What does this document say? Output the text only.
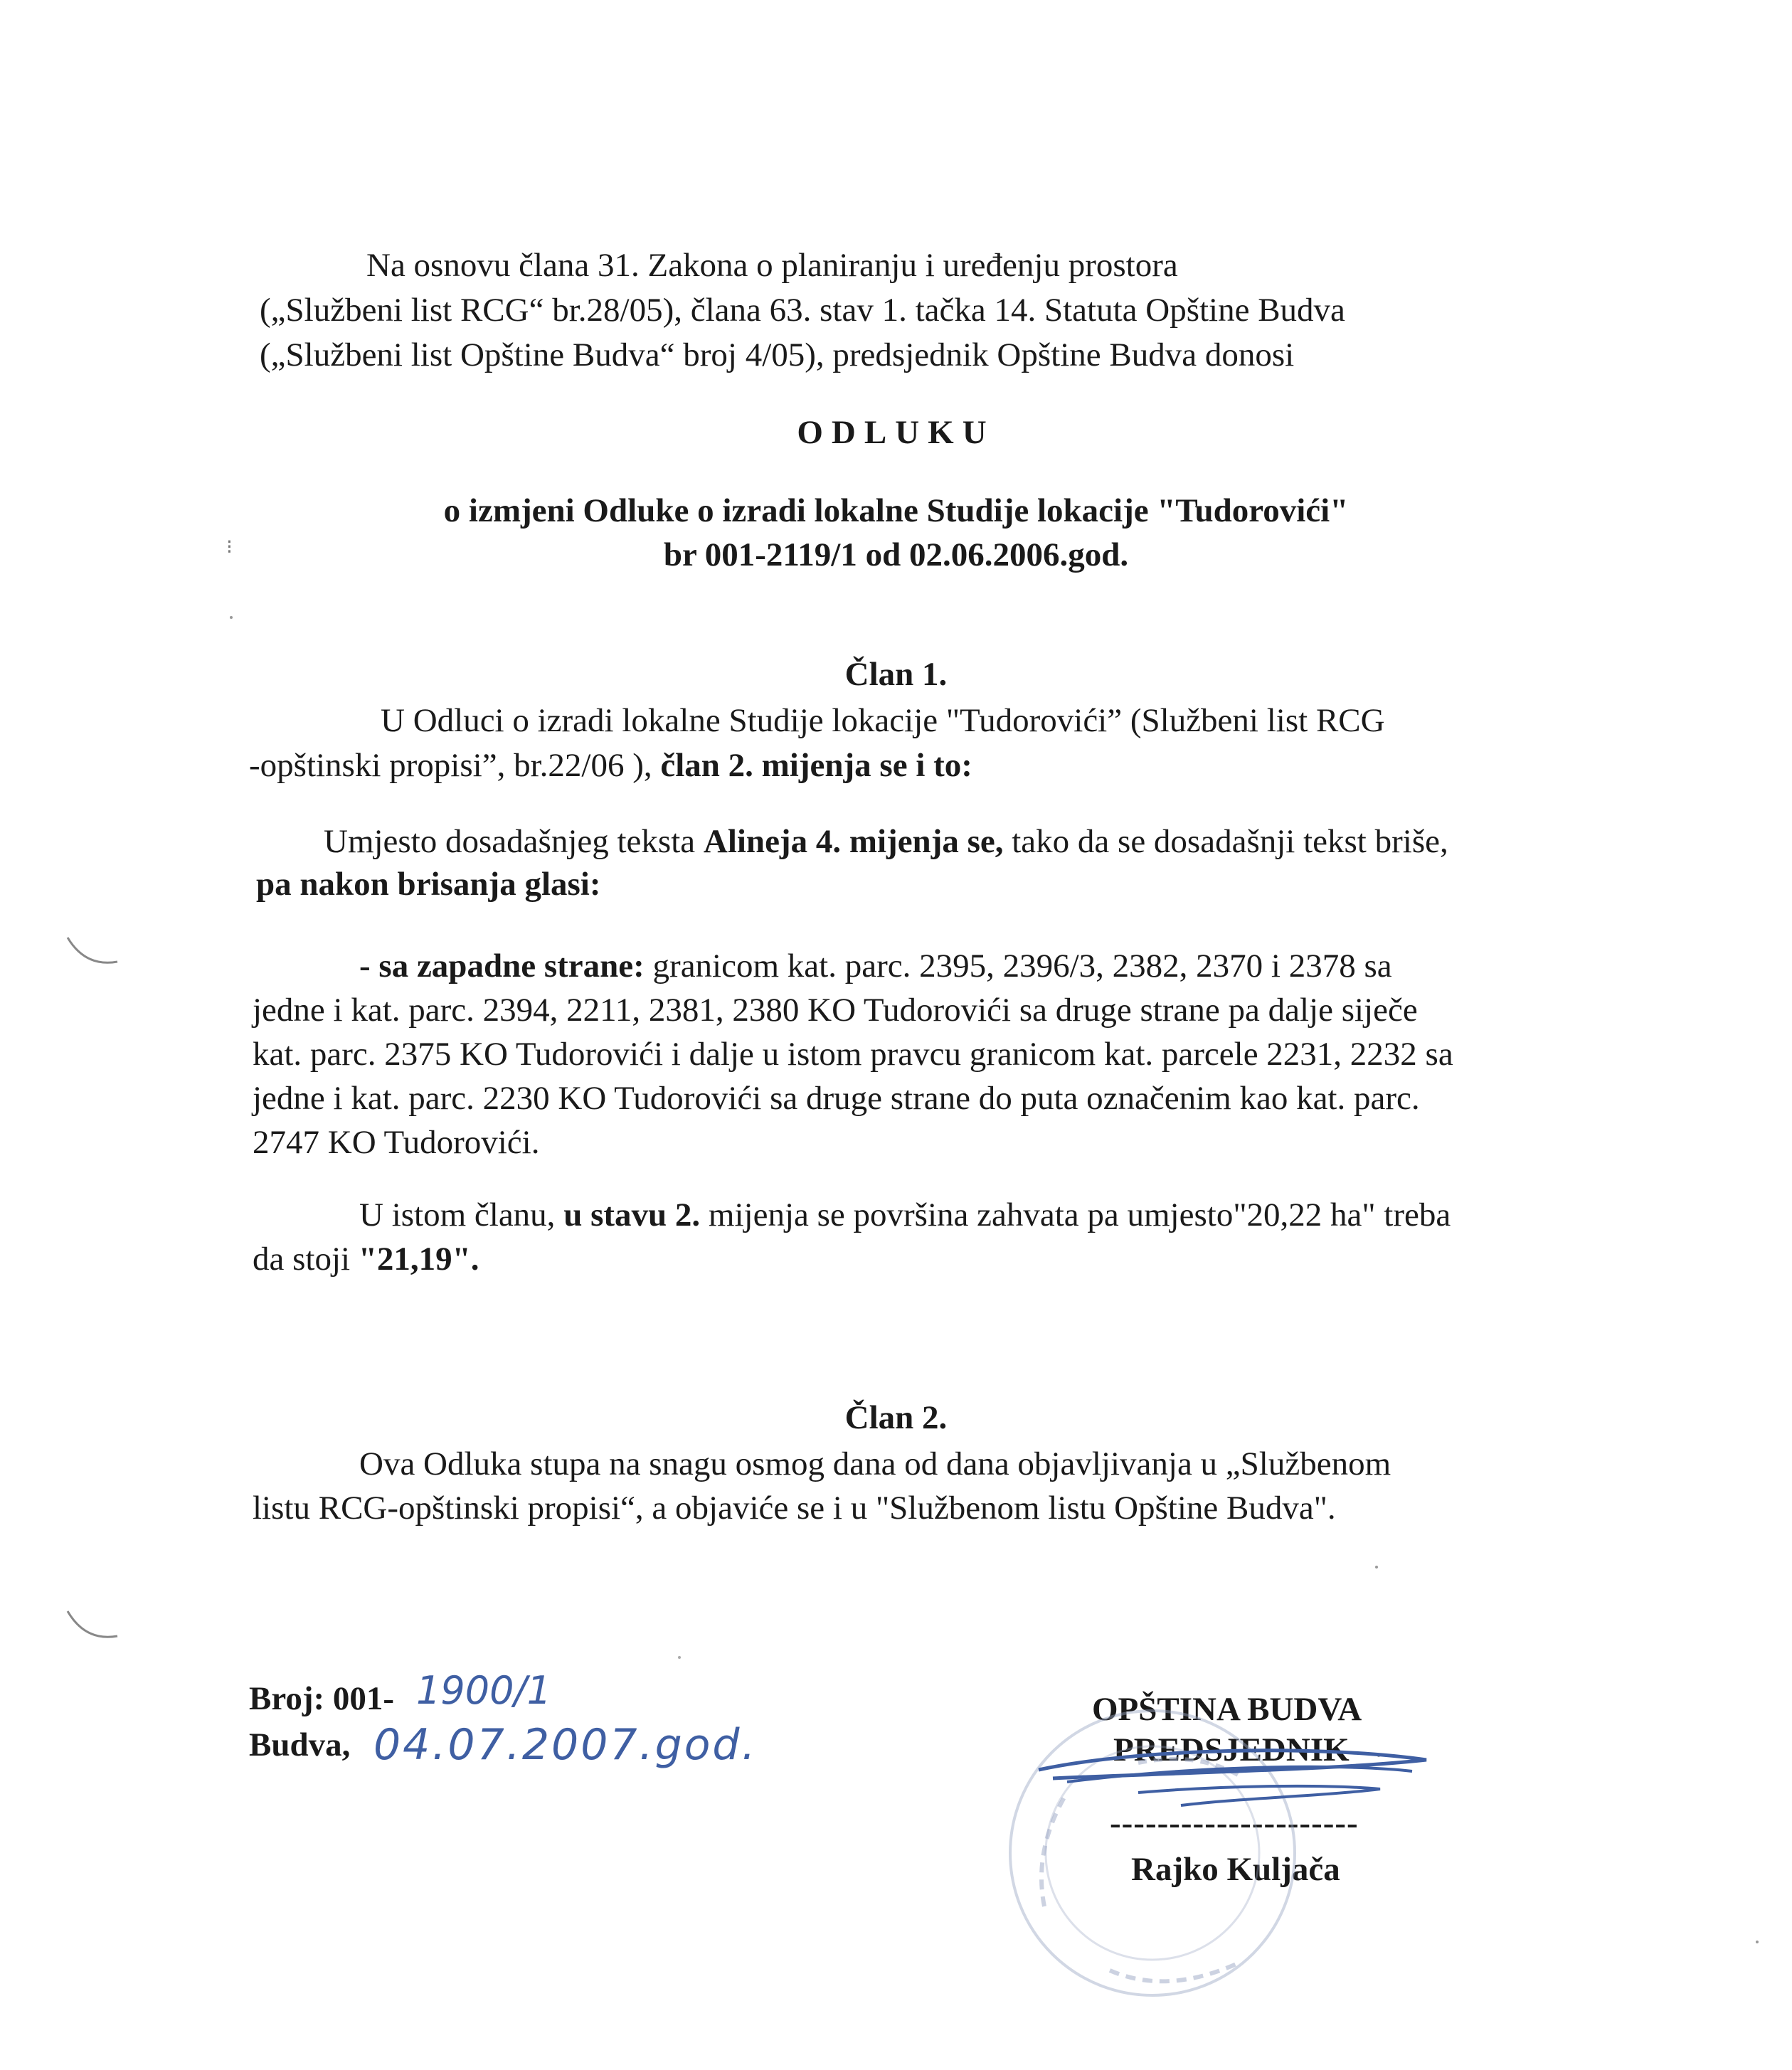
Na osnovu člana 31. Zakona o planiranju i uređenju prostora
(„Službeni list RCG“ br.28/05), člana 63. stav 1. tačka 14. Statuta Opštine Budva
(„Službeni list Opštine Budva“ broj 4/05), predsjednik Opštine Budva donosi
ODLUKU
o izmjeni Odluke o izradi lokalne Studije lokacije "Tudorovići"
br 001-2119/1 od 02.06.2006.god.
Član 1.
U Odluci o izradi lokalne Studije lokacije "Tudorovići” (Službeni list RCG
-opštinski propisi”, br.22/06 ), član 2. mijenja se i to:
Umjesto dosadašnjeg teksta Alineja 4. mijenja se, tako da se dosadašnji tekst briše,
pa nakon brisanja glasi:
- sa zapadne strane: granicom kat. parc. 2395, 2396/3, 2382, 2370 i 2378 sa
jedne i kat. parc. 2394, 2211, 2381, 2380 KO Tudorovići sa druge strane pa dalje siječe
kat. parc. 2375 KO Tudorovići i dalje u istom pravcu granicom kat. parcele 2231, 2232 sa
jedne i kat. parc. 2230 KO Tudorovići sa druge strane do puta označenim kao kat. parc.
2747 KO Tudorovići.
U istom članu, u stavu 2. mijenja se površina zahvata pa umjesto"20,22 ha" treba
da stoji "21,19".
Član 2.
Ova Odluka stupa na snagu osmog dana od dana objavljivanja u „Službenom
listu RCG-opštinski propisi“, a objaviće se i u "Službenom listu Opštine Budva".
Broj: 001- 1900/1
Budva, 04.07.2007.god.
OPŠTINA BUDVA
PREDSJEDNIK
---------------------
Rajko Kuljača
⁝
